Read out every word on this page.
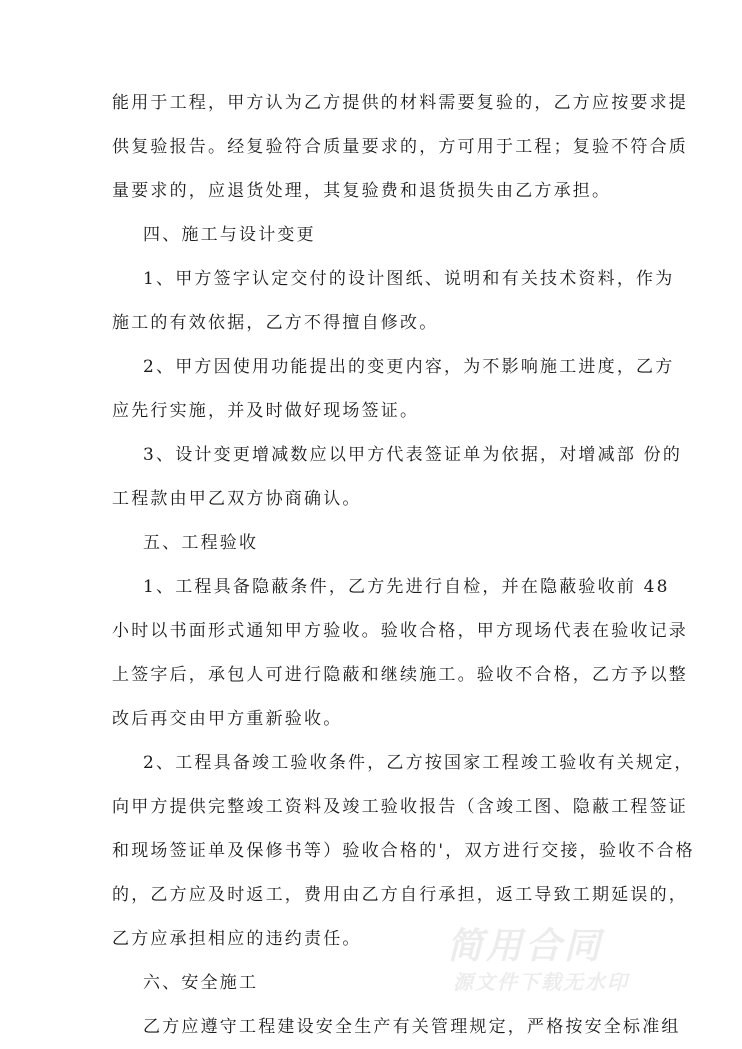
能用于工程，甲方认为乙方提供的材料需要复验的，乙方应按要求提
供复验报告。经复验符合质量要求的，方可用于工程；复验不符合质
量要求的，应退货处理，其复验费和退货损失由乙方承担。
四、施工与设计变更
1、甲方签字认定交付的设计图纸、说明和有关技术资料，作为
施工的有效依据，乙方不得擅自修改。
2、甲方因使用功能提出的变更内容，为不影响施工进度，乙方
应先行实施，并及时做好现场签证。
3、设计变更增减数应以甲方代表签证单为依据，对增减部 份的
工程款由甲乙双方协商确认。
五、工程验收
1、工程具备隐蔽条件，乙方先进行自检，并在隐蔽验收前 48
小时以书面形式通知甲方验收。验收合格，甲方现场代表在验收记录
上签字后，承包人可进行隐蔽和继续施工。验收不合格，乙方予以整
改后再交由甲方重新验收。
2、工程具备竣工验收条件，乙方按国家工程竣工验收有关规定，
向甲方提供完整竣工资料及竣工验收报告（含竣工图、隐蔽工程签证
和现场签证单及保修书等）验收合格的'，双方进行交接，验收不合格
的，乙方应及时返工，费用由乙方自行承担，返工导致工期延误的，
乙方应承担相应的违约责任。
六、安全施工
乙方应遵守工程建设安全生产有关管理规定，严格按安全标准组
简用合同
源文件下载无水印
